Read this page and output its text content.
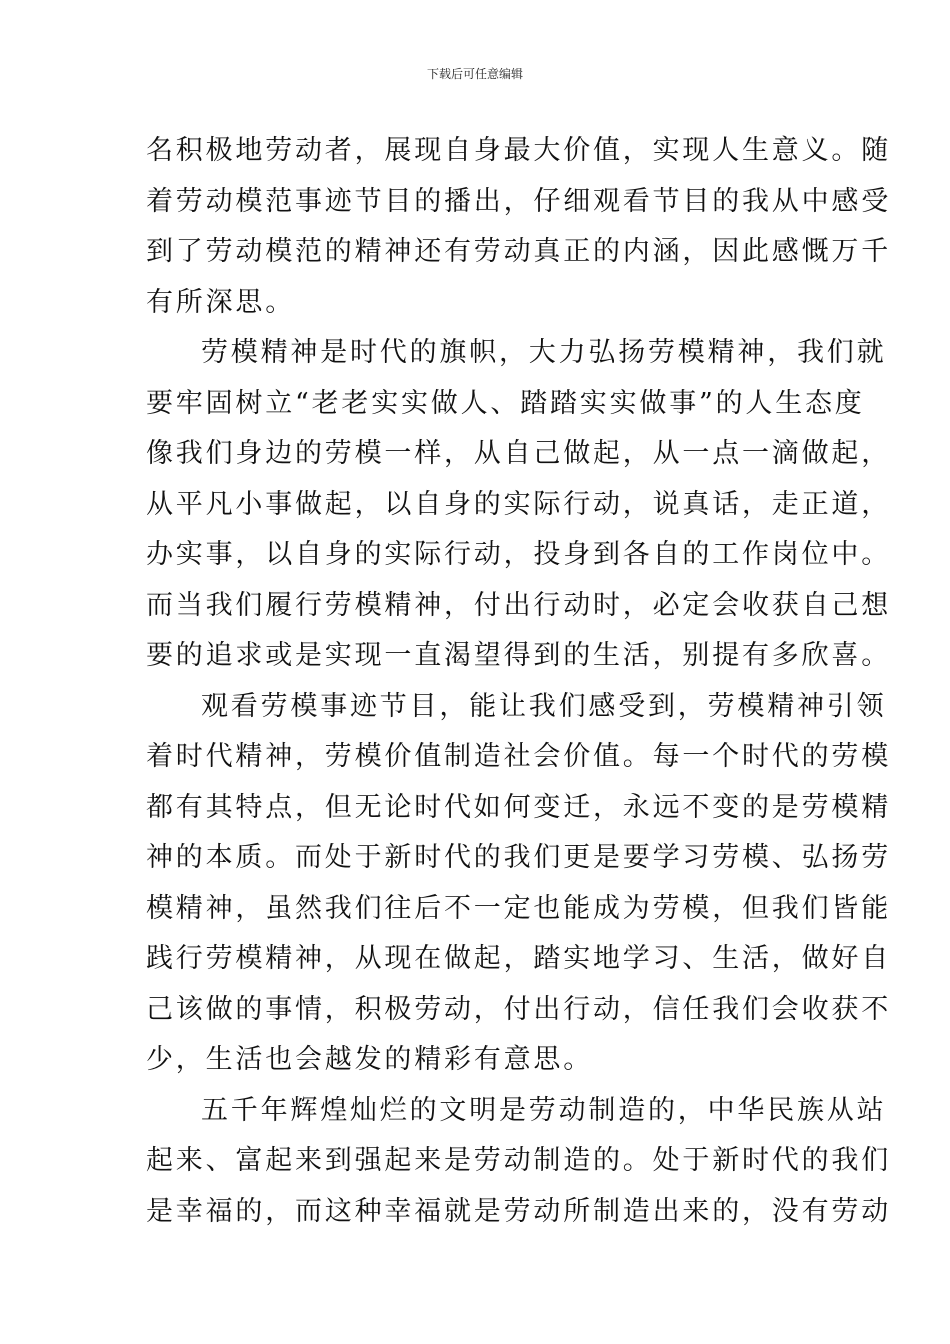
下载后可任意编辑
名积极地劳动者，展现自身最大价值，实现人生意义。随
着劳动模范事迹节目的播出，仔细观看节目的我从中感受
到了劳动模范的精神还有劳动真正的内涵，因此感慨万千
有所深思。
劳模精神是时代的旗帜，大力弘扬劳模精神，我们就
要牢固树立“老老实实做人、踏踏实实做事”的人生态度
像我们身边的劳模一样，从自己做起，从一点一滴做起，
从平凡小事做起，以自身的实际行动，说真话，走正道，
办实事，以自身的实际行动，投身到各自的工作岗位中。
而当我们履行劳模精神，付出行动时，必定会收获自己想
要的追求或是实现一直渴望得到的生活，别提有多欣喜。
观看劳模事迹节目，能让我们感受到，劳模精神引领
着时代精神，劳模价值制造社会价值。每一个时代的劳模
都有其特点，但无论时代如何变迁，永远不变的是劳模精
神的本质。而处于新时代的我们更是要学习劳模、弘扬劳
模精神，虽然我们往后不一定也能成为劳模，但我们皆能
践行劳模精神，从现在做起，踏实地学习、生活，做好自
己该做的事情，积极劳动，付出行动，信任我们会收获不
少，生活也会越发的精彩有意思。
五千年辉煌灿烂的文明是劳动制造的，中华民族从站
起来、富起来到强起来是劳动制造的。处于新时代的我们
是幸福的，而这种幸福就是劳动所制造出来的，没有劳动
